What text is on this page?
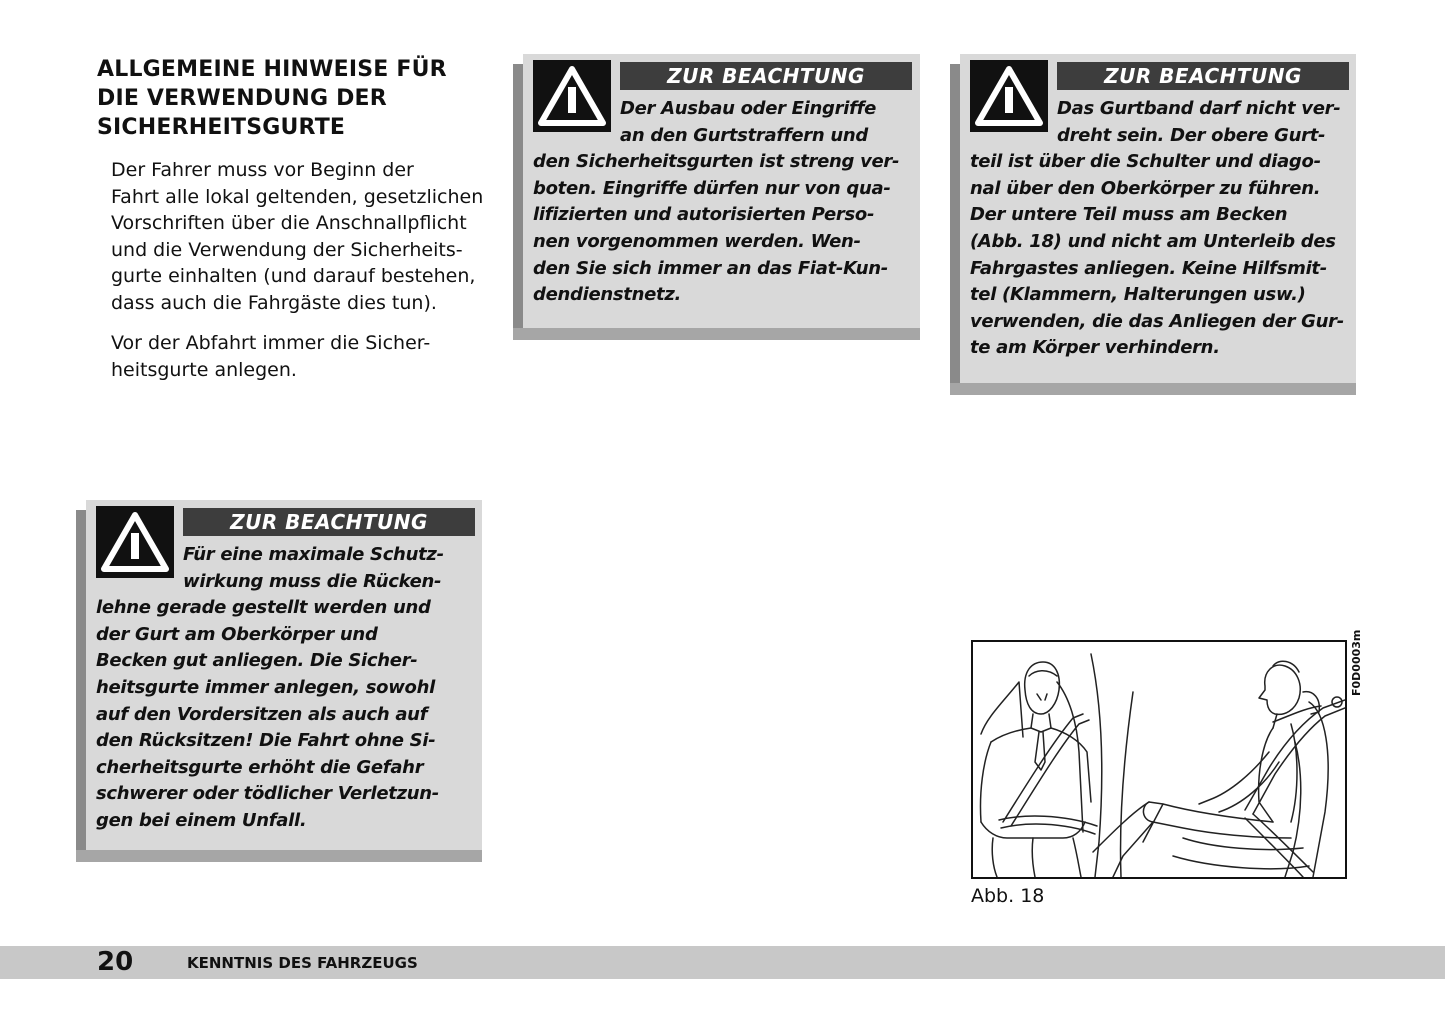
ALLGEMEINE HINWEISE FÜR
DIE VERWENDUNG DER
SICHERHEITSGURTE

Der Fahrer muss vor Beginn der
Fahrt alle lokal geltenden, gesetzlichen
Vorschriften über die Anschnallpflicht
und die Verwendung der Sicherheits-
gurte einhalten (und darauf bestehen,
dass auch die Fahrgäste dies tun).

Vor der Abfahrt immer die Sicher-
heitsgurte anlegen.

ZUR BEACHTUNG
Der Ausbau oder Eingriffe
an den Gurtstraffern und
den Sicherheitsgurten ist streng ver-
boten. Eingriffe dürfen nur von qua-
lifizierten und autorisierten Perso-
nen vorgenommen werden. Wen-
den Sie sich immer an das Fiat-Kun-
dendienstnetz.
ZUR BEACHTUNG
Das Gurtband darf nicht ver-
dreht sein. Der obere Gurt-
teil ist über die Schulter und diago-
nal über den Oberkörper zu führen.
Der untere Teil muss am Becken
(Abb. 18) und nicht am Unterleib des
Fahrgastes anliegen. Keine Hilfsmit-
tel (Klammern, Halterungen usw.)
verwenden, die das Anliegen der Gur-
te am Körper verhindern.
ZUR BEACHTUNG
Für eine maximale Schutz-
wirkung muss die Rücken-
lehne gerade gestellt werden und
der Gurt am Oberkörper und
Becken gut anliegen. Die Sicher-
heitsgurte immer anlegen, sowohl
auf den Vordersitzen als auch auf
den Rücksitzen! Die Fahrt ohne Si-
cherheitsgurte erhöht die Gefahr
schwerer oder tödlicher Verletzun-
gen bei einem Unfall.
F0D0003m
Abb. 18
20	KENNTNIS DES FAHRZEUGS
